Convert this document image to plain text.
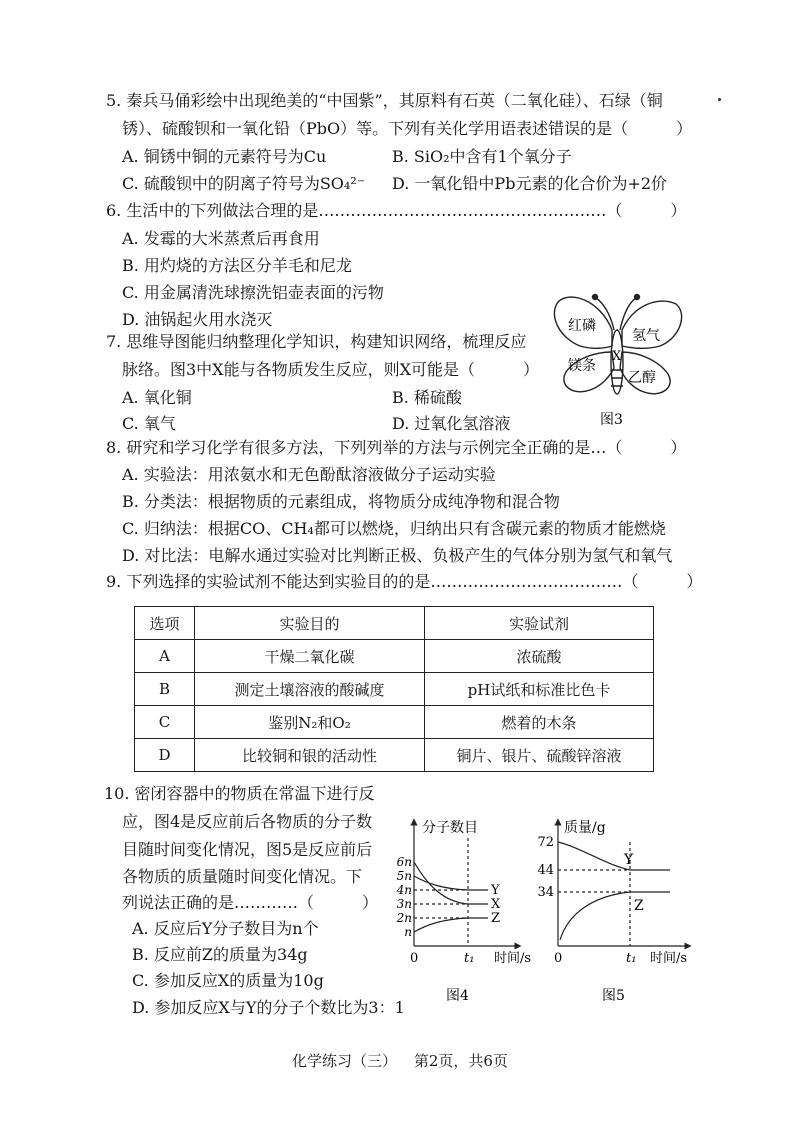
5. 秦兵马俑彩绘中出现绝美的“中国紫”，其原料有石英（二氧化硅）、石绿（铜
锈）、硫酸钡和一氧化铅（PbO）等。下列有关化学用语表述错误的是（　　　）
A. 铜锈中铜的元素符号为Cu	B. SiO₂中含有1个氧分子
C. 硫酸钡中的阴离子符号为SO₄²⁻ D. 一氧化铅中Pb元素的化合价为+2价
6. 生活中的下列做法合理的是………………………………………………（　　　）
A. 发霉的大米蒸煮后再食用
B. 用灼烧的方法区分羊毛和尼龙
C. 用金属清洗球擦洗铝壶表面的污物
D. 油锅起火用水浇灭
7. 思维导图能归纳整理化学知识，构建知识网络，梳理反应
脉络。图3中X能与各物质发生反应，则X可能是（　　　）
A. 氧化铜	B. 稀硫酸
C. 氧气	D. 过氧化氢溶液
红磷
氢气
镁条
乙醇
X
图3
8. 研究和学习化学有很多方法，下列列举的方法与示例完全正确的是…（　　　）
A. 实验法：用浓氨水和无色酚酞溶液做分子运动实验
B. 分类法：根据物质的元素组成，将物质分成纯净物和混合物
C. 归纳法：根据CO、CH₄都可以燃烧，归纳出只有含碳元素的物质才能燃烧
D. 对比法：电解水通过实验对比判断正极、负极产生的气体分别为氢气和氧气
9. 下列选择的实验试剂不能达到实验目的的是………………………………（　　　）
选项	实验目的	实验试剂
A	干燥二氧化碳	浓硫酸
B	测定土壤溶液的酸碱度	pH试纸和标准比色卡
C	鉴别N₂和O₂	燃着的木条
D	比较铜和银的活动性	铜片、银片、硫酸锌溶液
10. 密闭容器中的物质在常温下进行反
应，图4是反应前后各物质的分子数
目随时间变化情况，图5是反应前后
各物质的质量随时间变化情况。下
列说法正确的是…………（　　　）
A. 反应后Y分子数目为n个
B. 反应前Z的质量为34g
C. 参加反应X的质量为10g
D. 参加反应X与Y的分子个数比为3：1
分子数目
6n
5n
4n
3n
2n
n
0	t₁ 时间/s
Y
X
Z
图4
质量/g
72
44
34
0	t₁ 时间/s
Y
Z
图5
化学练习（三） 第2页，共6页
